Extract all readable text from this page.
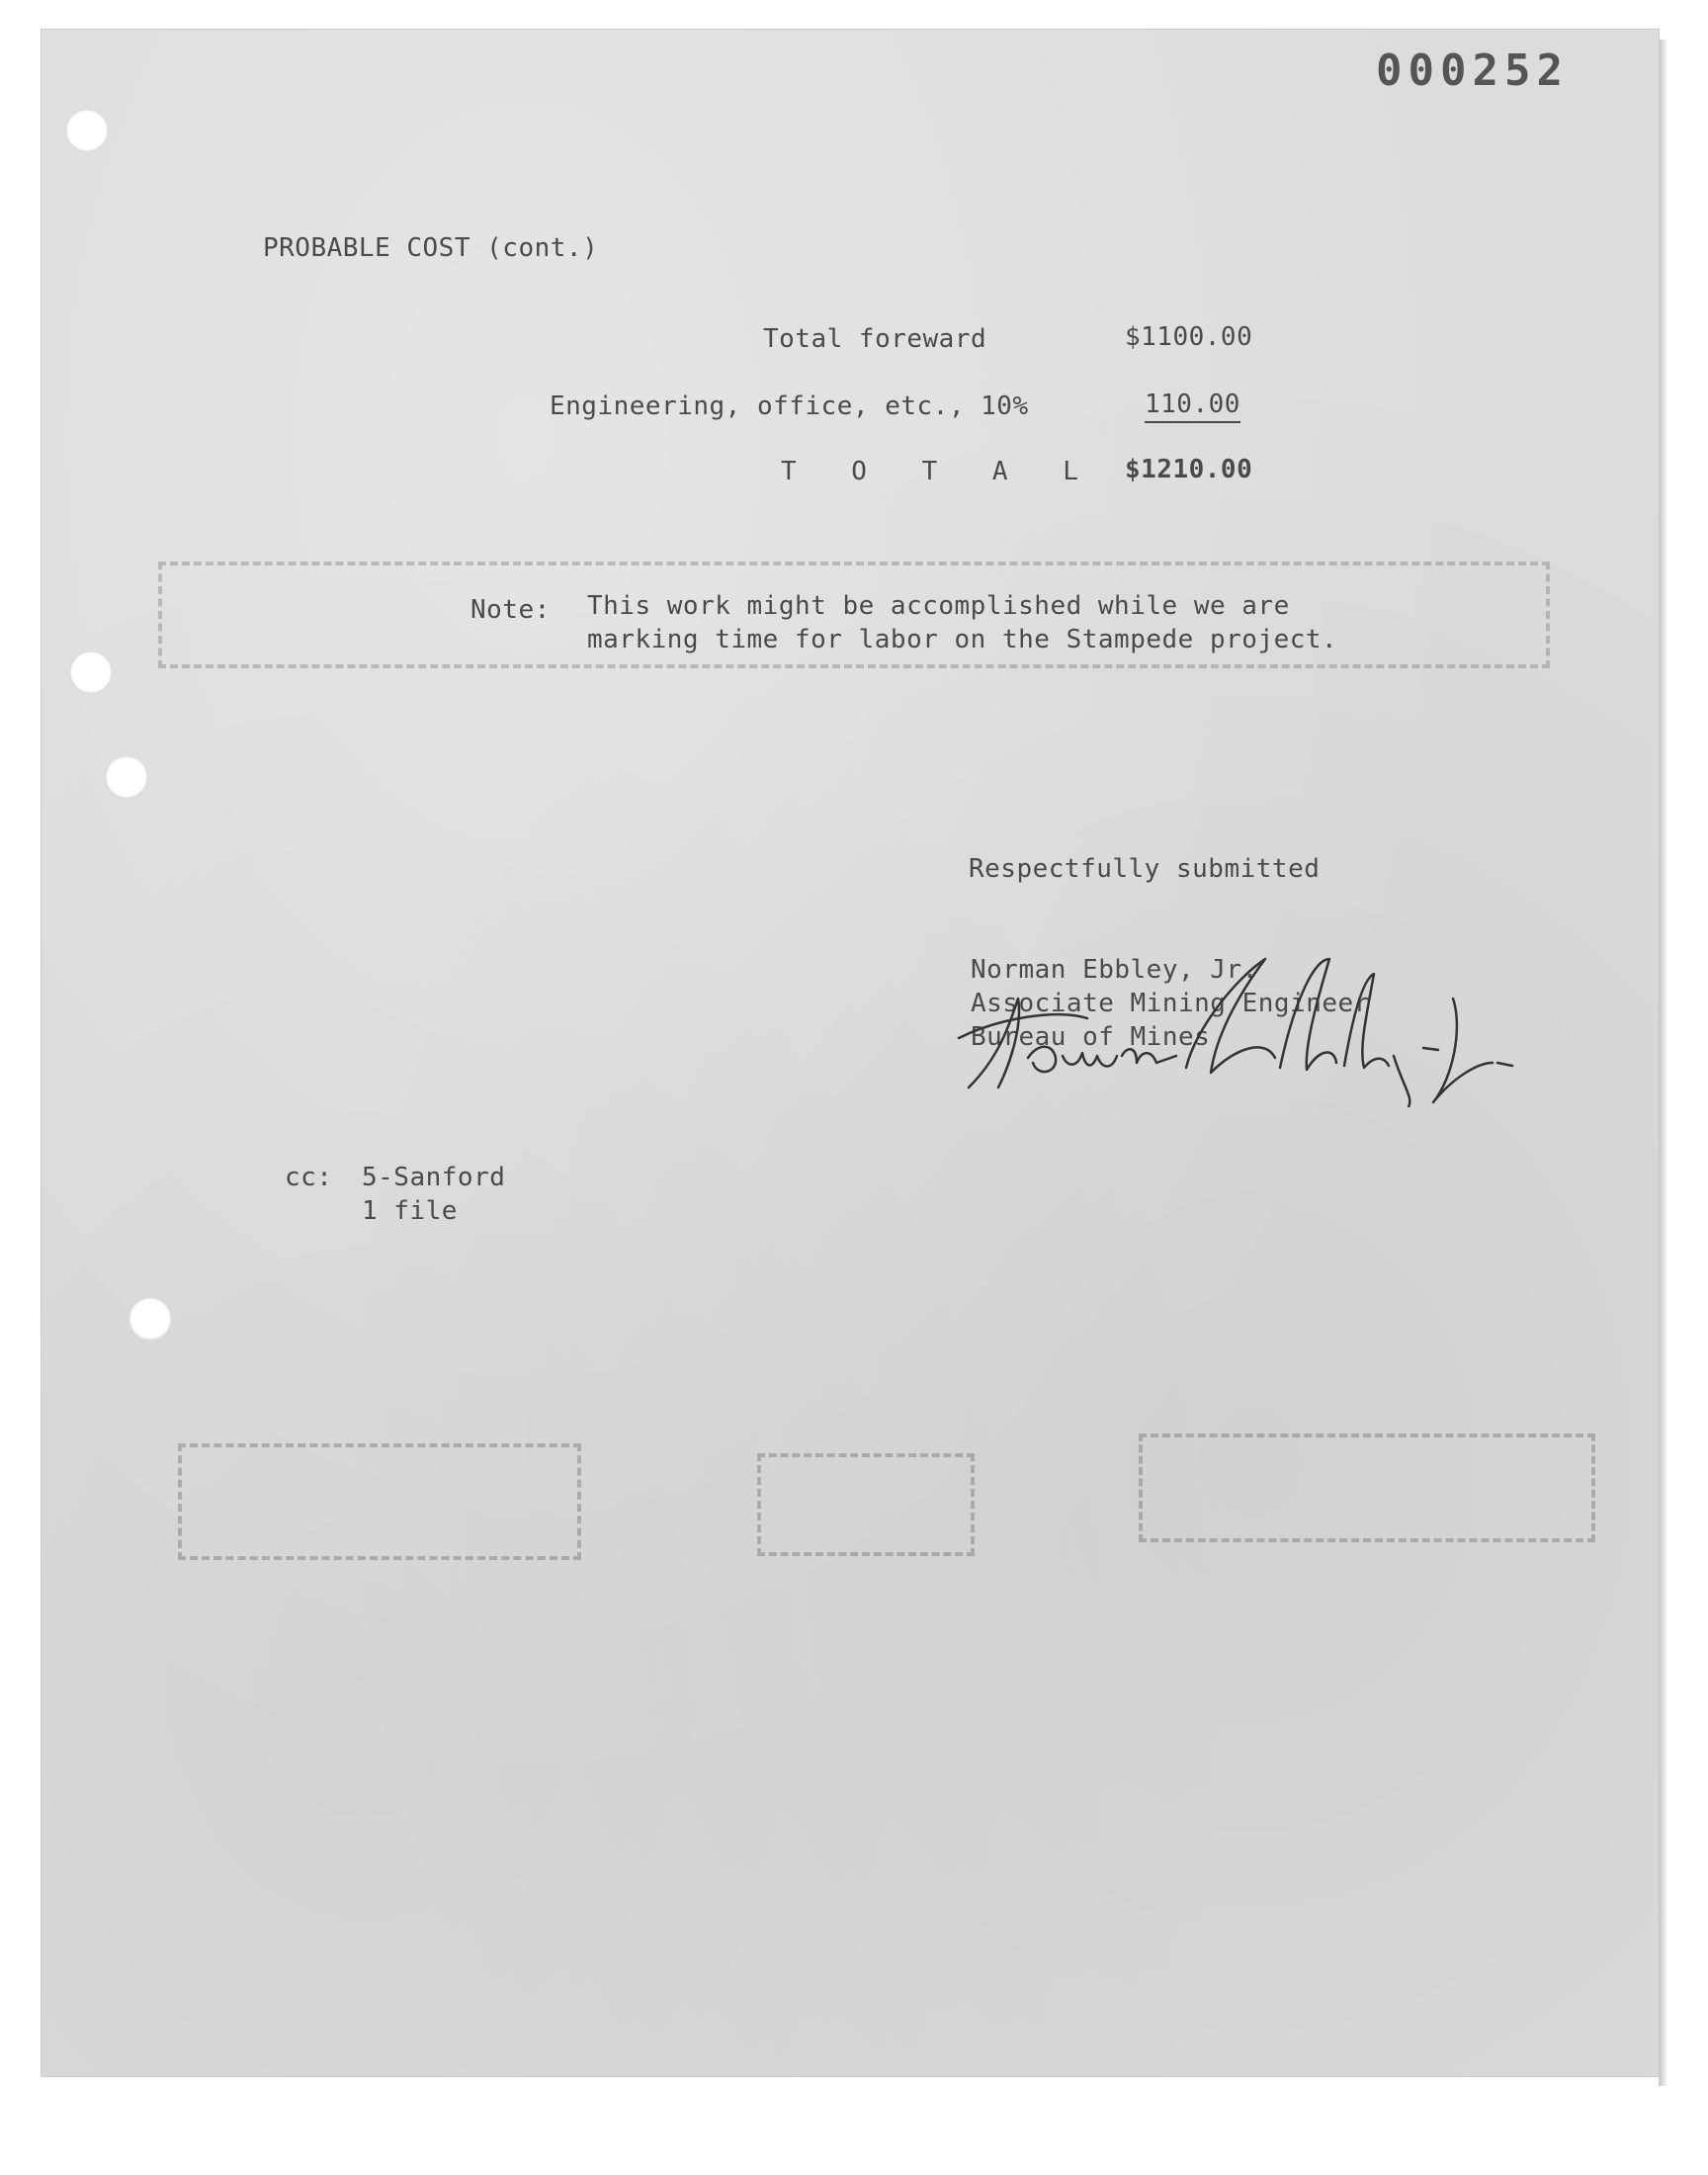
000252
PROBABLE COST (cont.)
Total foreward	$1100.00
Engineering, office, etc., 10%	110.00
T O T A L $1210.00
Note: This work might be accomplished while we are
marking time for labor on the Stampede project.
Respectfully submitted
Norman Ebbley, Jr.
Associate Mining Engineer
Bureau of Mines
Norman Ebbley Jr.
cc: 5-Sanford
1 file
